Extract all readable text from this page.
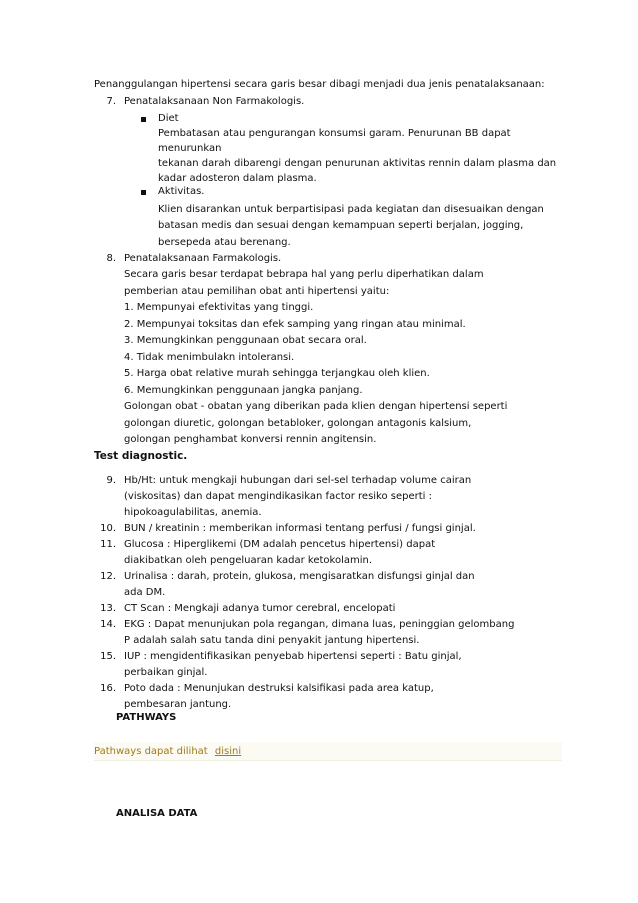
Penanggulangan hipertensi secara garis besar dibagi menjadi dua jenis penatalaksanaan:
7. Penatalaksanaan Non Farmakologis.
Diet
Pembatasan atau pengurangan konsumsi garam. Penurunan BB dapat
menurunkan
tekanan darah dibarengi dengan penurunan aktivitas rennin dalam plasma dan
kadar adosteron dalam plasma.
Aktivitas.
Klien disarankan untuk berpartisipasi pada kegiatan dan disesuaikan dengan
batasan medis dan sesuai dengan kemampuan seperti berjalan, jogging,
bersepeda atau berenang.
8. Penatalaksanaan Farmakologis.
Secara garis besar terdapat bebrapa hal yang perlu diperhatikan dalam
pemberian atau pemilihan obat anti hipertensi yaitu:
1. Mempunyai efektivitas yang tinggi.
2. Mempunyai toksitas dan efek samping yang ringan atau minimal.
3. Memungkinkan penggunaan obat secara oral.
4. Tidak menimbulakn intoleransi.
5. Harga obat relative murah sehingga terjangkau oleh klien.
6. Memungkinkan penggunaan jangka panjang.
Golongan obat - obatan yang diberikan pada klien dengan hipertensi seperti
golongan diuretic, golongan betabloker, golongan antagonis kalsium,
golongan penghambat konversi rennin angitensin.
Test diagnostic.
9. Hb/Ht: untuk mengkaji hubungan dari sel-sel terhadap volume cairan
(viskositas) dan dapat mengindikasikan factor resiko seperti :
hipokoagulabilitas, anemia.
10. BUN / kreatinin : memberikan informasi tentang perfusi / fungsi ginjal.
11. Glucosa : Hiperglikemi (DM adalah pencetus hipertensi) dapat
diakibatkan oleh pengeluaran kadar ketokolamin.
12. Urinalisa : darah, protein, glukosa, mengisaratkan disfungsi ginjal dan
ada DM.
13. CT Scan : Mengkaji adanya tumor cerebral, encelopati
14. EKG : Dapat menunjukan pola regangan, dimana luas, peninggian gelombang
P adalah salah satu tanda dini penyakit jantung hipertensi.
15. IUP : mengidentifikasikan penyebab hipertensi seperti : Batu ginjal,
perbaikan ginjal.
16. Poto dada : Menunjukan destruksi kalsifikasi pada area katup,
pembesaran jantung.
PATHWAYS
Pathways dapat dilihat disini
ANALISA DATA
